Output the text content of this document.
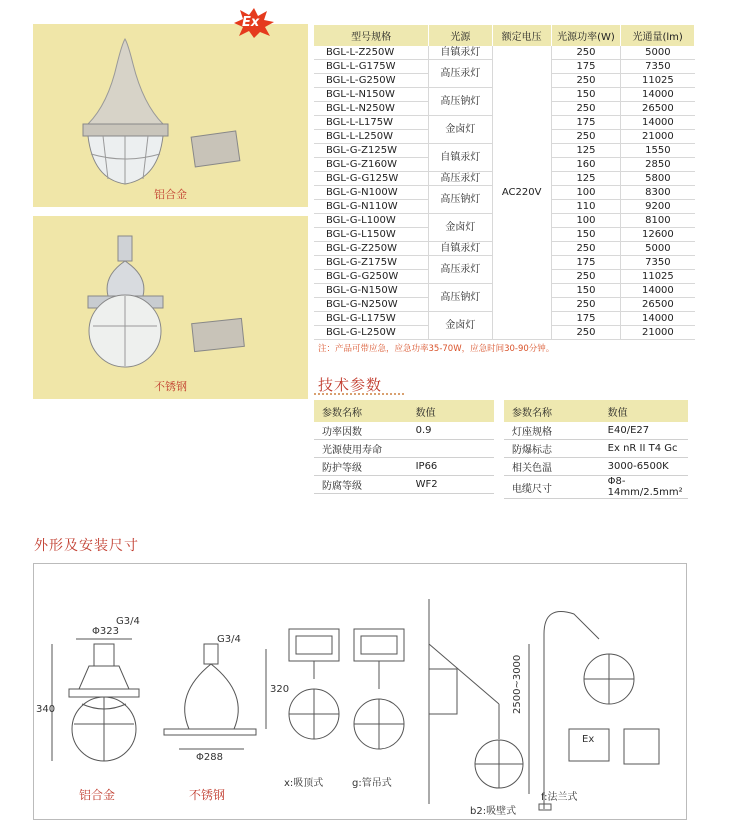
铝合金
Ex
不锈钢
型号规格	光源	额定电压	光源功率(W)	光通量(lm)
BGL-L-Z250W	自镇汞灯	AC220V	250	5000
BGL-L-G175W	高压汞灯		175	7350
BGL-L-G250W			250	11025
BGL-L-N150W	高压钠灯		150	14000
BGL-L-N250W			250	26500
BGL-L-L175W	金卤灯		175	14000
BGL-L-L250W			250	21000
BGL-G-Z125W	自镇汞灯		125	1550
BGL-G-Z160W			160	2850
BGL-G-G125W	高压汞灯		125	5800
BGL-G-N100W	高压钠灯		100	8300
BGL-G-N110W			110	9200
BGL-G-L100W	金卤灯		100	8100
BGL-G-L150W			150	12600
BGL-G-Z250W	自镇汞灯		250	5000
BGL-G-Z175W	高压汞灯		175	7350
BGL-G-G250W			250	11025
BGL-G-N150W	高压钠灯		150	14000
BGL-G-N250W			250	26500
BGL-G-L175W	金卤灯		175	14000
BGL-G-L250W			250	21000
注：产品可带应急，应急功率35-70W，应急时间30-90分钟。
技术参数
参数名称	数值
功率因数	0.9
光源使用寿命	
防护等级	IP66
防腐等级	WF2
参数名称	数值
灯座规格	E40/E27
防爆标志	Ex nR II T4 Gc
相关色温	3000-6500K
电缆尺寸	Φ8-14mm/2.5mm²
外形及安装尺寸
Φ323
G3/4
340
G3/4
Φ288
320	2500~3000
Ex
铝合金	不锈钢
x:吸顶式	g:管吊式
b2:吸壁式
f:法兰式
